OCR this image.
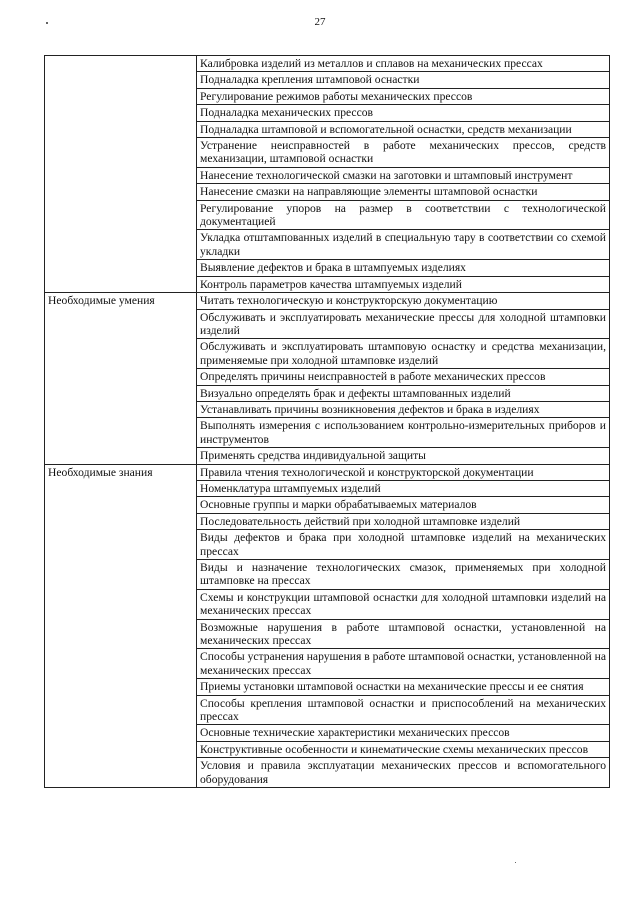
27
	Калибровка изделий из металлов и сплавов на механических прессах
	Подналадка крепления штамповой оснастки
	Регулирование режимов работы механических прессов
	Подналадка механических прессов
	Подналадка штамповой и вспомогательной оснастки, средств механизации
	Устранение неисправностей в работе механических прессов, средств механизации, штамповой оснастки
	Нанесение технологической смазки на заготовки и штамповый инструмент
	Нанесение смазки на направляющие элементы штамповой оснастки
	Регулирование упоров на размер в соответствии с технологической документацией
	Укладка отштампованных изделий в специальную тару в соответствии со схемой укладки
	Выявление дефектов и брака в штампуемых изделиях
	Контроль параметров качества штампуемых изделий
Необходимые умения	Читать технологическую и конструкторскую документацию
	Обслуживать и эксплуатировать механические прессы для холодной штамповки изделий
	Обслуживать и эксплуатировать штамповую оснастку и средства механизации, применяемые при холодной штамповке изделий
	Определять причины неисправностей в работе механических прессов
	Визуально определять брак и дефекты штампованных изделий
	Устанавливать причины возникновения дефектов и брака в изделиях
	Выполнять измерения с использованием контрольно-измерительных приборов и инструментов
	Применять средства индивидуальной защиты
Необходимые знания	Правила чтения технологической и конструкторской документации
	Номенклатура штампуемых изделий
	Основные группы и марки обрабатываемых материалов
	Последовательность действий при холодной штамповке изделий
	Виды дефектов и брака при холодной штамповке изделий на механических прессах
	Виды и назначение технологических смазок, применяемых при холодной штамповке на прессах
	Схемы и конструкции штамповой оснастки для холодной штамповки изделий на механических прессах
	Возможные нарушения в работе штамповой оснастки, установленной на механических прессах
	Способы устранения нарушения в работе штамповой оснастки, установленной на механических прессах
	Приемы установки штамповой оснастки на механические прессы и ее снятия
	Способы крепления штамповой оснастки и приспособлений на механических прессах
	Основные технические характеристики механических прессов
	Конструктивные особенности и кинематические схемы механических прессов
	Условия и правила эксплуатации механических прессов и вспомогательного оборудования
